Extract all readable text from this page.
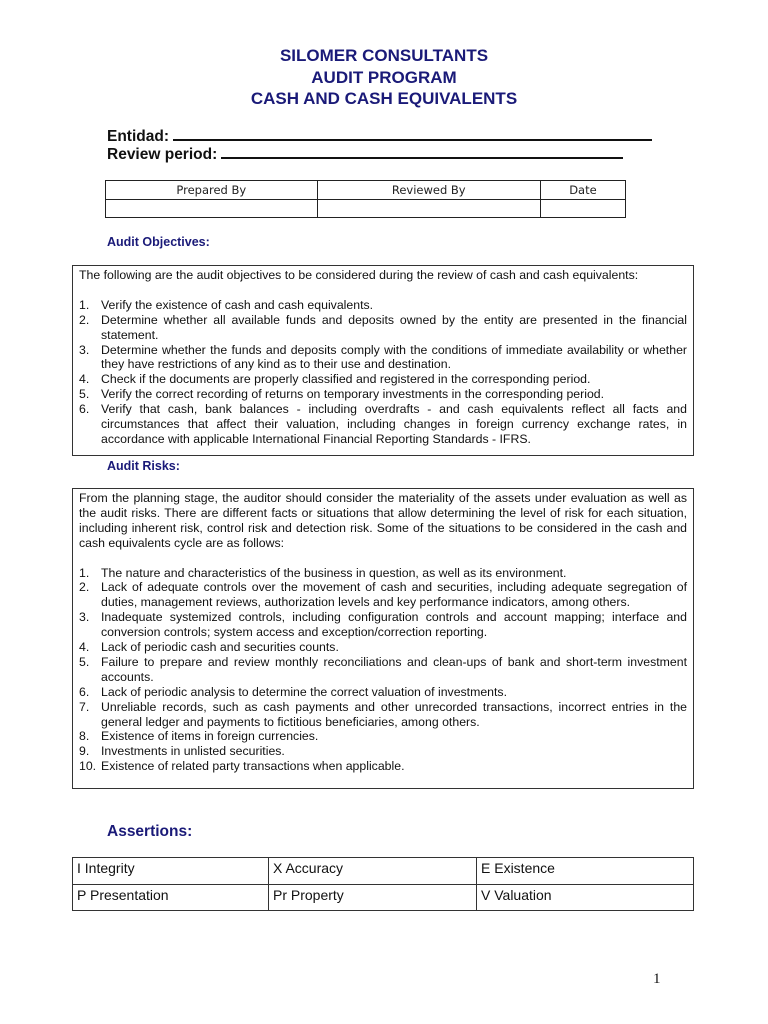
SILOMER CONSULTANTS
AUDIT PROGRAM
CASH AND CASH EQUIVALENTS
Entidad:
Review period:
Prepared By	Reviewed By	Date

Audit Objectives:

The following are the audit objectives to be considered during the review of cash and cash equivalents:

1. Verify the existence of cash and cash equivalents.
2. Determine whether all available funds and deposits owned by the entity are presented in the financial statement.
3. Determine whether the funds and deposits comply with the conditions of immediate availability or whether they have restrictions of any kind as to their use and destination.
4. Check if the documents are properly classified and registered in the corresponding period.
5. Verify the correct recording of returns on temporary investments in the corresponding period.
6. Verify that cash, bank balances - including overdrafts - and cash equivalents reflect all facts and circumstances that affect their valuation, including changes in foreign currency exchange rates, in accordance with applicable International Financial Reporting Standards - IFRS.
Audit Risks:

From the planning stage, the auditor should consider the materiality of the assets under evaluation as well as the audit risks. There are different facts or situations that allow determining the level of risk for each situation, including inherent risk, control risk and detection risk. Some of the situations to be considered in the cash and cash equivalents cycle are as follows:

1. The nature and characteristics of the business in question, as well as its environment.
2. Lack of adequate controls over the movement of cash and securities, including adequate segregation of duties, management reviews, authorization levels and key performance indicators, among others.
3. Inadequate systemized controls, including configuration controls and account mapping; interface and conversion controls; system access and exception/correction reporting.
4. Lack of periodic cash and securities counts.
5. Failure to prepare and review monthly reconciliations and clean-ups of bank and short-term investment accounts.
6. Lack of periodic analysis to determine the correct valuation of investments.
7. Unreliable records, such as cash payments and other unrecorded transactions, incorrect entries in the general ledger and payments to fictitious beneficiaries, among others.
8. Existence of items in foreign currencies.
9. Investments in unlisted securities.
10. Existence of related party transactions when applicable.
Assertions:
I Integrity	X Accuracy	E Existence
P Presentation	Pr Property	V Valuation
1
